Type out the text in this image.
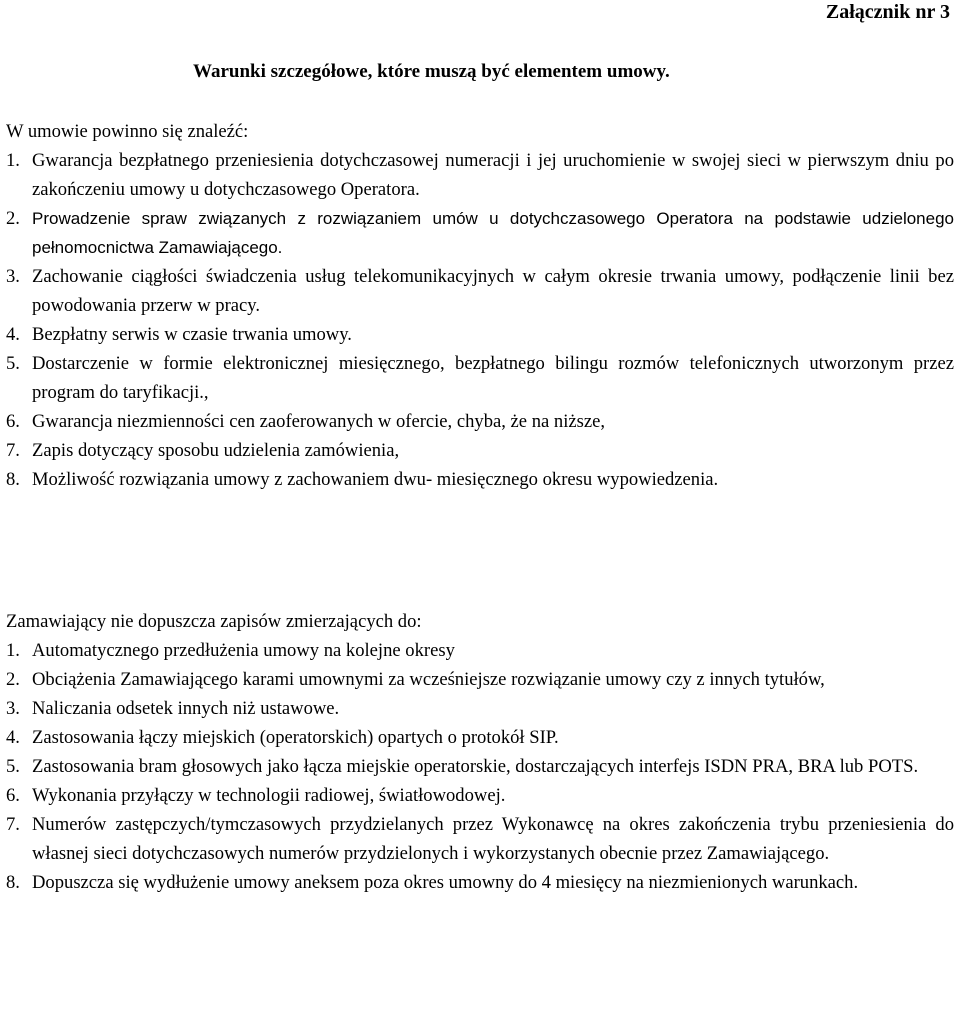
Załącznik nr 3
Warunki szczegółowe, które muszą być elementem umowy.

W umowie powinno się znaleźć:

1. Gwarancja bezpłatnego przeniesienia dotychczasowej numeracji i jej uruchomienie w swojej sieci w pierwszym dniu po zakończeniu umowy u dotychczasowego Operatora.
2. Prowadzenie spraw związanych z rozwiązaniem umów u dotychczasowego Operatora na podstawie udzielonego pełnomocnictwa Zamawiającego.
3. Zachowanie ciągłości świadczenia usług telekomunikacyjnych w całym okresie trwania umowy, podłączenie linii bez powodowania przerw w pracy.
4. Bezpłatny serwis w czasie trwania umowy.
5. Dostarczenie w formie elektronicznej miesięcznego, bezpłatnego bilingu rozmów telefonicznych utworzonym przez program do taryfikacji.,
6. Gwarancja niezmienności cen zaoferowanych w ofercie, chyba, że na niższe,
7. Zapis dotyczący sposobu udzielenia zamówienia,
8. Możliwość rozwiązania umowy z zachowaniem dwu- miesięcznego okresu wypowiedzenia.

Zamawiający nie dopuszcza zapisów zmierzających do:

1. Automatycznego przedłużenia umowy na kolejne okresy
2. Obciążenia Zamawiającego karami umownymi za wcześniejsze rozwiązanie umowy czy z innych tytułów,
3. Naliczania odsetek innych niż ustawowe.
4. Zastosowania łączy miejskich (operatorskich) opartych o protokół SIP.
5. Zastosowania bram głosowych jako łącza miejskie operatorskie, dostarczających interfejs ISDN PRA, BRA lub POTS.
6. Wykonania przyłączy w technologii radiowej, światłowodowej.
7. Numerów zastępczych/tymczasowych przydzielanych przez Wykonawcę na okres zakończenia trybu przeniesienia do własnej sieci dotychczasowych numerów przydzielonych i wykorzystanych obecnie przez Zamawiającego.
8. Dopuszcza się wydłużenie umowy aneksem poza okres umowny do 4 miesięcy na niezmienionych warunkach.
